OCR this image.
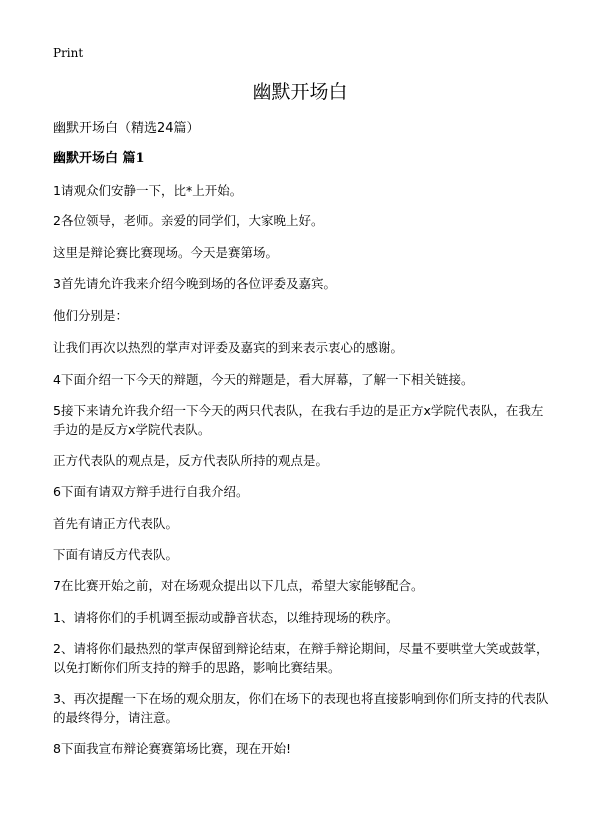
Print
幽默开场白
幽默开场白（精选24篇）
幽默开场白 篇1

1请观众们安静一下，比*上开始。

2各位领导，老师。亲爱的同学们，大家晚上好。

这里是辩论赛比赛现场。今天是赛第场。

3首先请允许我来介绍今晚到场的各位评委及嘉宾。

他们分别是：

让我们再次以热烈的掌声对评委及嘉宾的到来表示衷心的感谢。

4下面介绍一下今天的辩题，今天的辩题是，看大屏幕，了解一下相关链接。

5接下来请允许我介绍一下今天的两只代表队，在我右手边的是正方x学院代表队，在我左手边的是反方x学院代表队。

正方代表队的观点是，反方代表队所持的观点是。

6下面有请双方辩手进行自我介绍。

首先有请正方代表队。

下面有请反方代表队。

7在比赛开始之前，对在场观众提出以下几点，希望大家能够配合。

1、请将你们的手机调至振动或静音状态，以维持现场的秩序。

2、请将你们最热烈的掌声保留到辩论结束，在辩手辩论期间，尽量不要哄堂大笑或鼓掌，以免打断你们所支持的辩手的思路，影响比赛结果。

3、再次提醒一下在场的观众朋友，你们在场下的表现也将直接影响到你们所支持的代表队的最终得分，请注意。

8下面我宣布辩论赛赛第场比赛，现在开始!
